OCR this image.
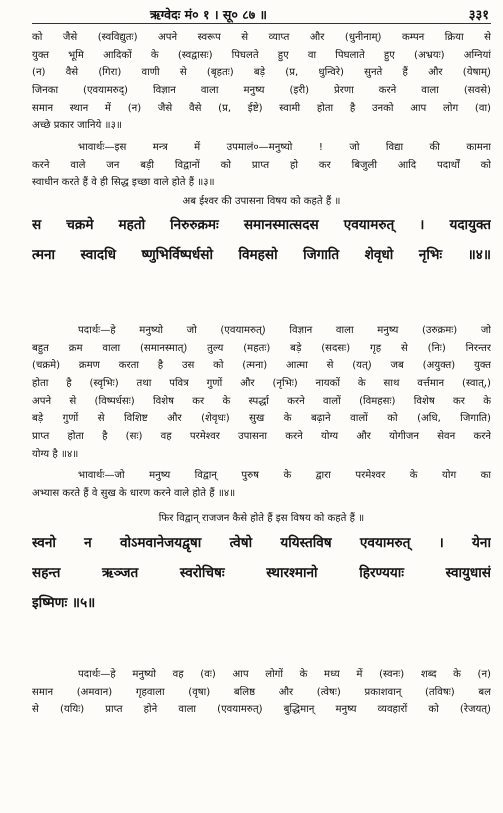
ऋग्वेदः मं० १ । सू० ८७ ॥	३३१
को जैसे (स्वविद्युतः) अपने स्वरूप से व्याप्त और (धुनीनाम्) कम्पन क्रिया से
युक्त भूमि आदिकों के (स्वद्वासः) पिघलते हुए वा पिघलाते हुए (अभ्रयः) अग्नियां
(न) वैसे (गिरा) वाणी से (बृहतः) बड़े (प्र, धुन्विरे) सुनते हैं और (येषाम्)
जिनका (एवयामरुद्) विज्ञान वाला मनुष्य (इरी) प्रेरणा करने वाला (सवसे)
समान स्थान में (न) जैसे वैसे (प्र, ईष्टे) स्वामी होता है उनको आप लोग (वा)
अच्छे प्रकार जानिये ॥३॥
भावार्थः—इस मन्त्र में उपमालं०—मनुष्यो ! जो विद्या की कामना
करने वाले जन बड़ी विद्वानों को प्राप्त हो कर बिजुली आदि पदार्थों को
स्वाधीन करते हैं वे ही सिद्ध इच्छा वाले होते हैं ॥३॥
अब ईश्वर की उपासना विषय को कहते हैं ॥
स चक्रमे महतो निरुरुक्रमः समानस्मात्सदस एवयामरुत् । यदायुक्त
त्मना स्वादधि ष्णुभिर्विष्पर्धसो विमहसो जिगाति शेवृधो नृभिः ॥४॥
पदार्थः—हे मनुष्यो जो (एवयामरुत्) विज्ञान वाला मनुष्य (उरुक्रमः) जो
बहुत क्रम वाला (समानस्मात्) तुल्य (महतः) बड़े (सदसः) गृह से (निः) निरन्तर
(चक्रमे) क्रमण करता है उस को (त्मना) आत्मा से (यत्) जब (अयुक्त) युक्त
होता है (स्वृभिः) तथा पवित्र गुणों और (नृभिः) नायकों के साथ वर्त्तमान (स्वात्,)
अपने से (विष्पर्धसः) विशेष कर के स्पर्द्धा करने वालों (विमहसः) विशेष कर के
बड़े गुणों से विशिष्ट और (शेवृधः) सुख के बढ़ाने वालों को (अधि, जिगाति)
प्राप्त होता है (सः) वह परमेश्वर उपासना करने योग्य और योगीजन सेवन करने
योग्य है ॥४॥
भावार्थः—जो मनुष्य विद्वान् पुरुष के द्वारा परमेश्वर के योग का
अभ्यास करते हैं वे सुख के धारण करने वाले होते हैं ॥४॥
फिर विद्वान् राजजन कैसे होते हैं इस विषय को कहते हैं ॥
स्वनो न वोऽमवानेजयद्वृषा त्वेषो ययिस्तविष एवयामरुत् । येना
सहन्त ऋञ्जत स्वरोचिषः स्थारश्मानो हिरण्ययाः स्वायुधासं
इष्मिणः ॥५॥
पदार्थः—हे मनुष्यो वह (वः) आप लोगों के मध्य में (स्वनः) शब्द के (न)
समान (अमवान) गृहवाला (वृषा) बलिष्ठ और (त्वेषः) प्रकाशवान् (तविषः) बल
से (ययिः) प्राप्त होने वाला (एवयामरुत्) बुद्धिमान् मनुष्य व्यवहारों को (रेजयत्)
